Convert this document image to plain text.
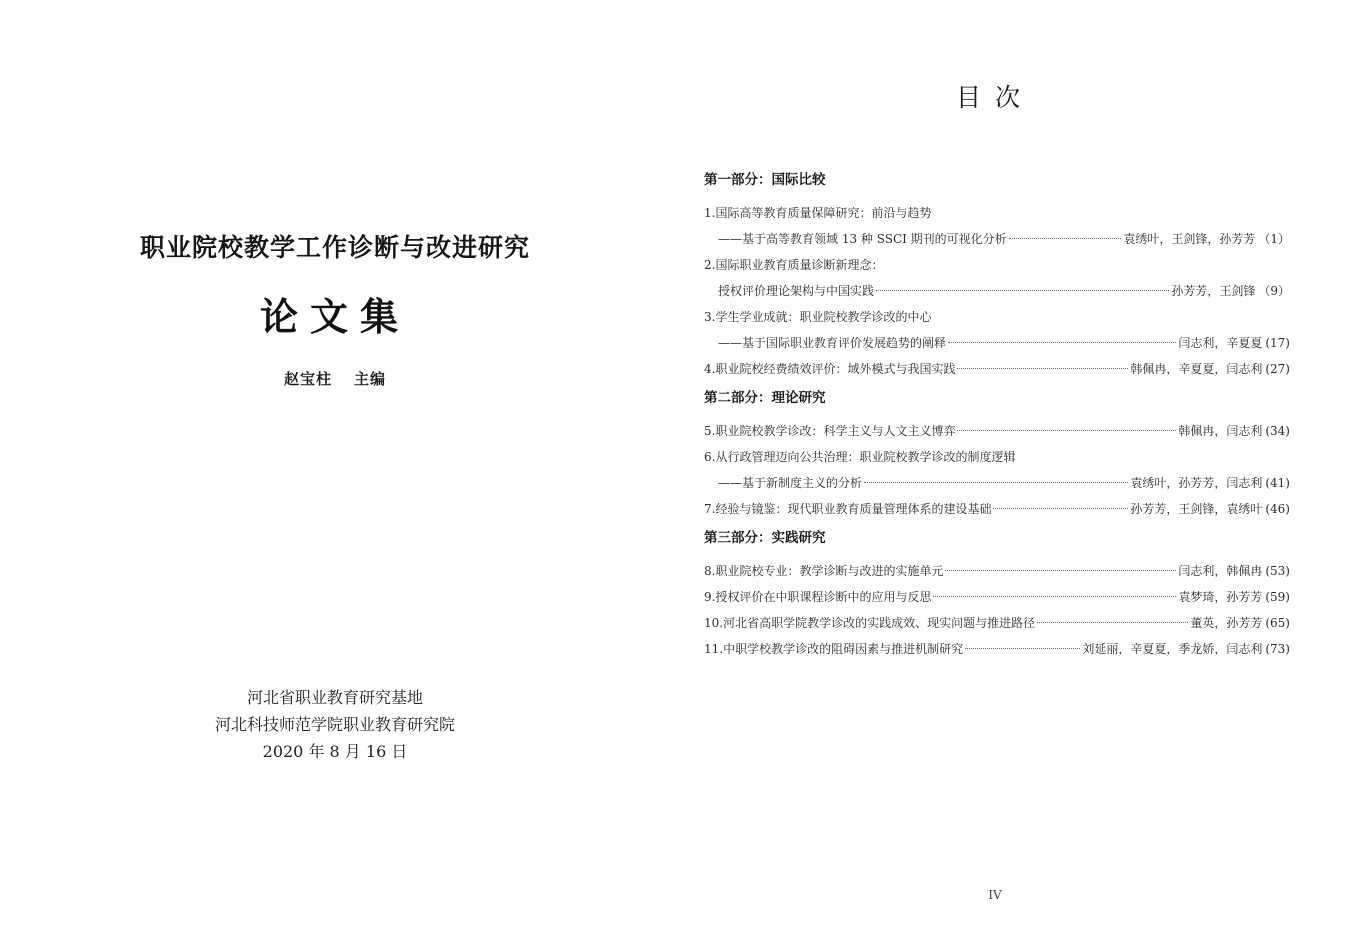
职业院校教学工作诊断与改进研究
论文集
赵宝柱 主编
河北省职业教育研究基地
河北科技师范学院职业教育研究院
2020 年 8 月 16 日
目次
第一部分：国际比较
1.国际高等教育质量保障研究：前沿与趋势
——基于高等教育领域 13 种 SSCI 期刊的可视化分析	袁绣叶，王剑锋，孙芳芳 （1）
2.国际职业教育质量诊断新理念：
授权评价理论架构与中国实践	孙芳芳，王剑锋 （9）
3.学生学业成就：职业院校教学诊改的中心
——基于国际职业教育评价发展趋势的阐释	闫志利，辛夏夏 (17)
4.职业院校经费绩效评价：域外模式与我国实践	韩佩冉，辛夏夏，闫志利 (27)
第二部分：理论研究
5.职业院校教学诊改：科学主义与人文主义博弈	韩佩冉，闫志利 (34)
6.从行政管理迈向公共治理：职业院校教学诊改的制度逻辑
——基于新制度主义的分析	袁绣叶，孙芳芳，闫志利 (41)
7.经验与镜鉴：现代职业教育质量管理体系的建设基础	孙芳芳，王剑锋，袁绣叶 (46)
第三部分：实践研究
8.职业院校专业：教学诊断与改进的实施单元	闫志利，韩佩冉 (53)
9.授权评价在中职课程诊断中的应用与反思	袁梦琦，孙芳芳 (59)
10.河北省高职学院教学诊改的实践成效、现实问题与推进路径	董英，孙芳芳 (65)
11.中职学校教学诊改的阻碍因素与推进机制研究	刘延丽，辛夏夏，季龙娇，闫志利 (73)
IV
